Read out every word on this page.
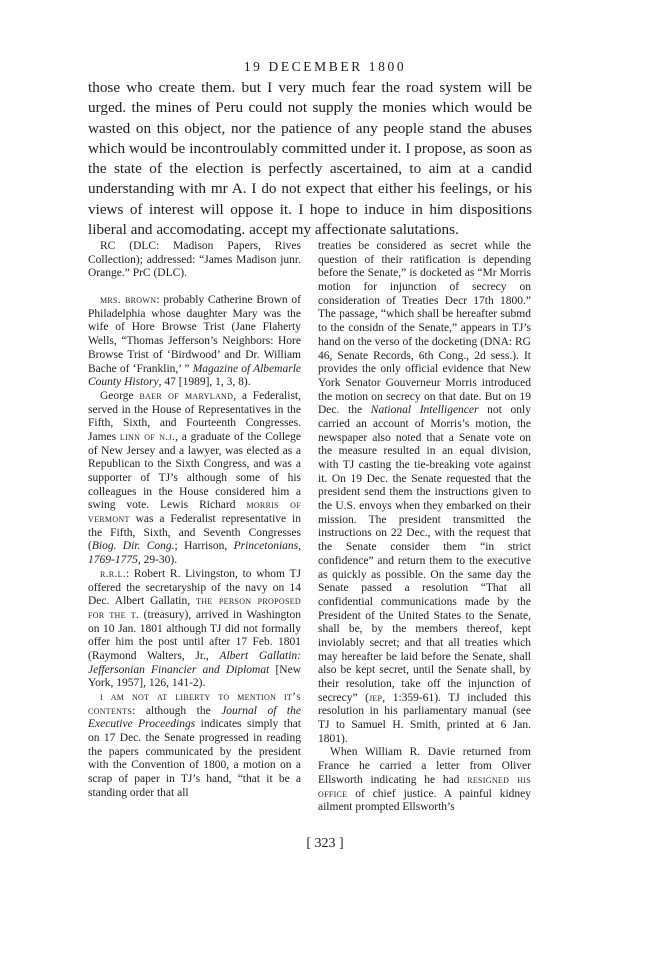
19 DECEMBER 1800

those who create them. but I very much fear the road system will be urged. the mines of Peru could not supply the monies which would be wasted on this object, nor the patience of any people stand the abuses which would be incontroulably committed under it. I propose, as soon as the state of the election is perfectly ascertained, to aim at a candid understanding with mr A. I do not expect that either his feelings, or his views of interest will oppose it. I hope to induce in him dispositions liberal and accomodating. accept my affectionate salutations.

RC (DLC: Madison Papers, Rives Collection); addressed: “James Madison junr. Orange.” PrC (DLC).

mrs. brown: probably Catherine Brown of Philadelphia whose daughter Mary was the wife of Hore Browse Trist (Jane Flaherty Wells, “Thomas Jefferson’s Neighbors: Hore Browse Trist of ‘Birdwood’ and Dr. William Bache of ‘Franklin,’ ” Magazine of Albemarle County History, 47 [1989], 1, 3, 8).

George baer of maryland, a Federalist, served in the House of Representatives in the Fifth, Sixth, and Fourteenth Congresses. James linn of n.j., a graduate of the College of New Jersey and a lawyer, was elected as a Republican to the Sixth Congress, and was a supporter of TJ’s although some of his colleagues in the House considered him a swing vote. Lewis Richard morris of vermont was a Federalist representative in the Fifth, Sixth, and Seventh Congresses (Biog. Dir. Cong.; Harrison, Princetonians, 1769-1775, 29-30).

r.r.l.: Robert R. Livingston, to whom TJ offered the secretaryship of the navy on 14 Dec. Albert Gallatin, the person proposed for the t. (treasury), arrived in Washington on 10 Jan. 1801 although TJ did not formally offer him the post until after 17 Feb. 1801 (Raymond Walters, Jr., Albert Gallatin: Jeffersonian Financier and Diplomat [New York, 1957], 126, 141-2).

i am not at liberty to mention it’s contents: although the Journal of the Executive Proceedings indicates simply that on 17 Dec. the Senate progressed in reading the papers communicated by the president with the Convention of 1800, a motion on a scrap of paper in TJ’s hand, “that it be a standing order that all

treaties be considered as secret while the question of their ratification is depending before the Senate,” is docketed as “Mr Morris motion for injunction of secrecy on consideration of Treaties Decr 17th 1800.” The passage, “which shall be hereafter submd to the considn of the Senate,” appears in TJ’s hand on the verso of the docketing (DNA: RG 46, Senate Records, 6th Cong., 2d sess.). It provides the only official evidence that New York Senator Gouverneur Morris introduced the motion on secrecy on that date. But on 19 Dec. the National Intelligencer not only carried an account of Morris’s motion, the newspaper also noted that a Senate vote on the measure resulted in an equal division, with TJ casting the tie-breaking vote against it. On 19 Dec. the Senate requested that the president send them the instructions given to the U.S. envoys when they embarked on their mission. The president transmitted the instructions on 22 Dec., with the request that the Senate consider them “in strict confidence” and return them to the executive as quickly as possible. On the same day the Senate passed a resolution “That all confidential communications made by the President of the United States to the Senate, shall be, by the members thereof, kept inviolably secret; and that all treaties which may hereafter be laid before the Senate, shall also be kept secret, until the Senate shall, by their resolution, take off the injunction of secrecy” (jep, 1:359-61). TJ included this resolution in his parliamentary manual (see TJ to Samuel H. Smith, printed at 6 Jan. 1801).

When William R. Davie returned from France he carried a letter from Oliver Ellsworth indicating he had resigned his office of chief justice. A painful kidney ailment prompted Ellsworth’s

[ 323 ]
